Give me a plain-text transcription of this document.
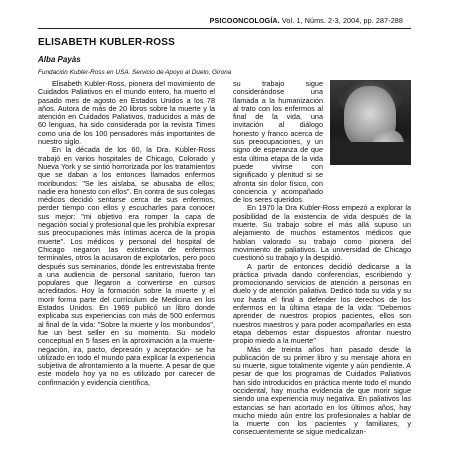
PSICOONCOLOGÍA. Vol. 1, Núms. 2-3, 2004, pp. 287-288
ELISABETH KUBLER-ROSS
Alba Payàs
Fundación Kubler-Ross en USA. Servicio de Apoyo al Duelo, Girona

Elisabeth Kubler-Ross, pionera del movimiento de Cuidados Paliativos en el mundo entero, ha muerto el pasado mes de agosto en Estados Unidos a los 78 años. Autora de más de 20 libros sobre la muerte y la atención en Cuidados Paliativos, traducidos a más de 60 lenguas, ha sido considerada por la revista Times como una de los 100 pensadores más importantes de nuestro siglo.

En la década de los 60, la Dra. Kubler-Ross trabajó en varios hospitales de Chicago, Colorado y Nueva York y se sintió horrorizada por los tratamientos que se daban a los entonces llamados enfermos moribundos: "Se les aislaba, se abusaba de ellos; nadie era honesto con ellos". En contra de sus colegas médicos decidió sentarse cerca de sus enfermos, perder tiempo con ellos y escucharles para conocer sus mejor: "mi objetivo era romper la capa de negación social y profesional que les prohibía expresar sus preocupaciones más íntimas acerca de la propia muerte". Los médicos y personal del hospital de Chicago negaron las existencia de enfermos terminales, otros la acusaron de explotarlos, pero poco después sus seminarios, dónde les entrevistaba frente a una audiencia de personal sanitario, fueron tan populares que llegaron a convertirse en cursos acreditados. Hoy la formación sobre la muerte y el morir forma parte del currículum de Medicina en los Estados Unidos. En 1969 publicó un libro donde explicaba sus experiencias con más de 500 enfermos al final de la vida: "Sobre la muerte y los moribundos", fue un best seller en su momento. Su modelo conceptual en 5 fases en la aproximación a la muerte- negación, ira, pacto, depresión y aceptación- se ha utilizado en todo el mundo para explicar la experiencia subjetiva de afrontamiento a la muerte. A pesar de que este modelo hoy ya no es utilizado por carecer de confirmación y evidencia científica,

su trabajo sigue considerándose una llamada a la humanización al trato con los enfermos al final de la vida, una invitación al diálogo honesto y franco acerca de sus preocupaciones, y un signo de esperanza de que esta última etapa de la vida puede vivirse con significado y plenitud si se afronta sin dolor físico, con conciencia y acompañado de los seres queridos.

En 1970 la Dra Kubler-Ross empezó a explorar la posibilidad de la existencia de vida después de la muerte. Su trabajo sobre el más allá supuso un alejamiento de muchos estamentos médicos que habían valorado su trabajo como pionera del movimiento de paliativos. La universidad de Chicago cuestionó su trabajo y la despidió.

A partir de entonces decidió dedicarse a la práctica privada dando conferencias, escribiendo y promocionando servicios de atención a personas en duelo y de atención paliativa. Dedicó toda su vida y su voz hasta el final a defender los derechos de los enfermos en la última etapa de la vida: "Debemos aprender de nuestros propios pacientes, ellos son nuestros maestros y para poder acompañarles en esta etapa debemos estar dispuestos afrontar nuestro propio miedo a la muerte"

Más de treinta años han pasado desde la publicación de su primer libro y su mensaje ahora en su muerte, sigue totalmente vigente y aún pendiente. A pesar de que los programas de Cuidados Paliativos han sido introducidos en práctica mente todo el mundo occidental, hay mucha evidencia de que morir sigue siendo una experiencia muy negativa. En paliativos las estancias se han acortado en los últimos años, hay mucho miedo aún entre los profesionales a hablar de la muerte con los pacientes y familiares, y consecuentemente se sigue medicalizan-
